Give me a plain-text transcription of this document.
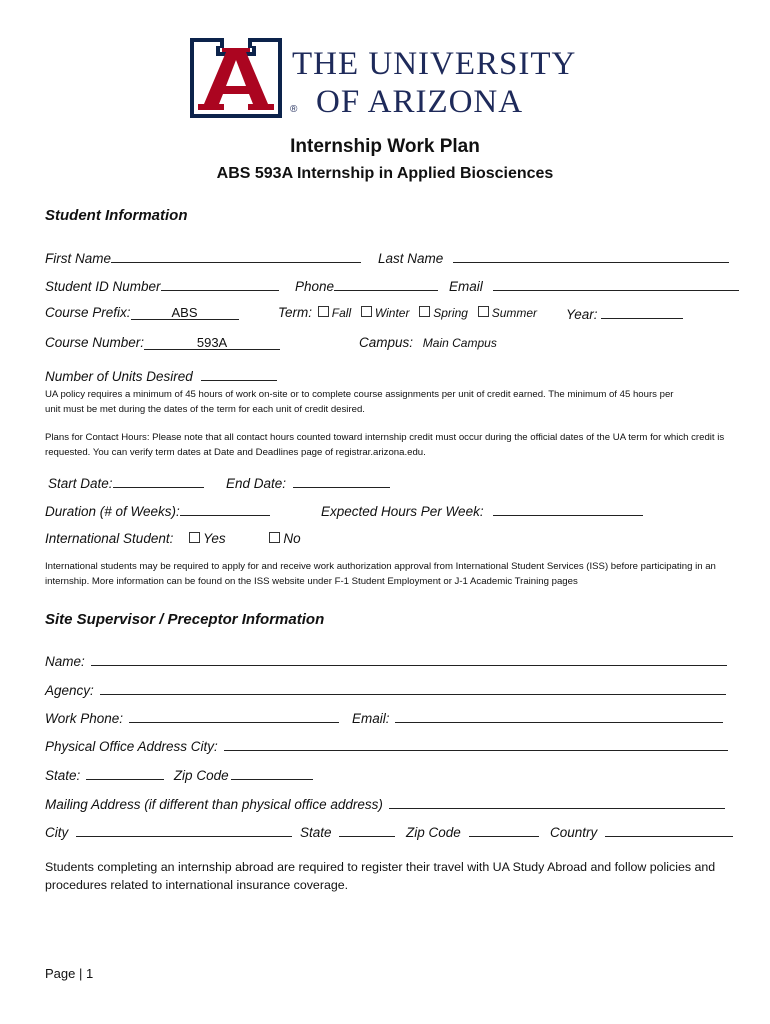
THE UNIVERSITY
OF ARIZONA
®
Internship Work Plan
ABS 593A Internship in Applied Biosciences
Student Information
First Name	Last Name
Student ID Number	Phone	Email
Course Prefix:	ABS	Term: Fall Winter Spring Summer Year:
Course Number:	593A	Campus: Main Campus
Number of Units Desired
UA policy requires a minimum of 45 hours of work on-site or to complete course assignments per unit of credit earned. The minimum of 45 hours per unit must be met during the dates of the term for each unit of credit desired.
Plans for Contact Hours: Please note that all contact hours counted toward internship credit must occur during the official dates of the UA term for which credit is requested. You can verify term dates at Date and Deadlines page of registrar.arizona.edu.
Start Date:	End Date:
Duration (# of Weeks):	Expected Hours Per Week:
International Student: Yes	No
International students may be required to apply for and receive work authorization approval from International Student Services (ISS) before participating in an internship. More information can be found on the ISS website under F-1 Student Employment or J-1 Academic Training pages
Site Supervisor / Preceptor Information
Name:
Agency:
Work Phone:	Email:
Physical Office Address City:
State:	Zip Code
Mailing Address (if different than physical office address)
City	State	Zip Code	Country
Students completing an internship abroad are required to register their travel with UA Study Abroad and follow policies and procedures related to international insurance coverage.
Page | 1
